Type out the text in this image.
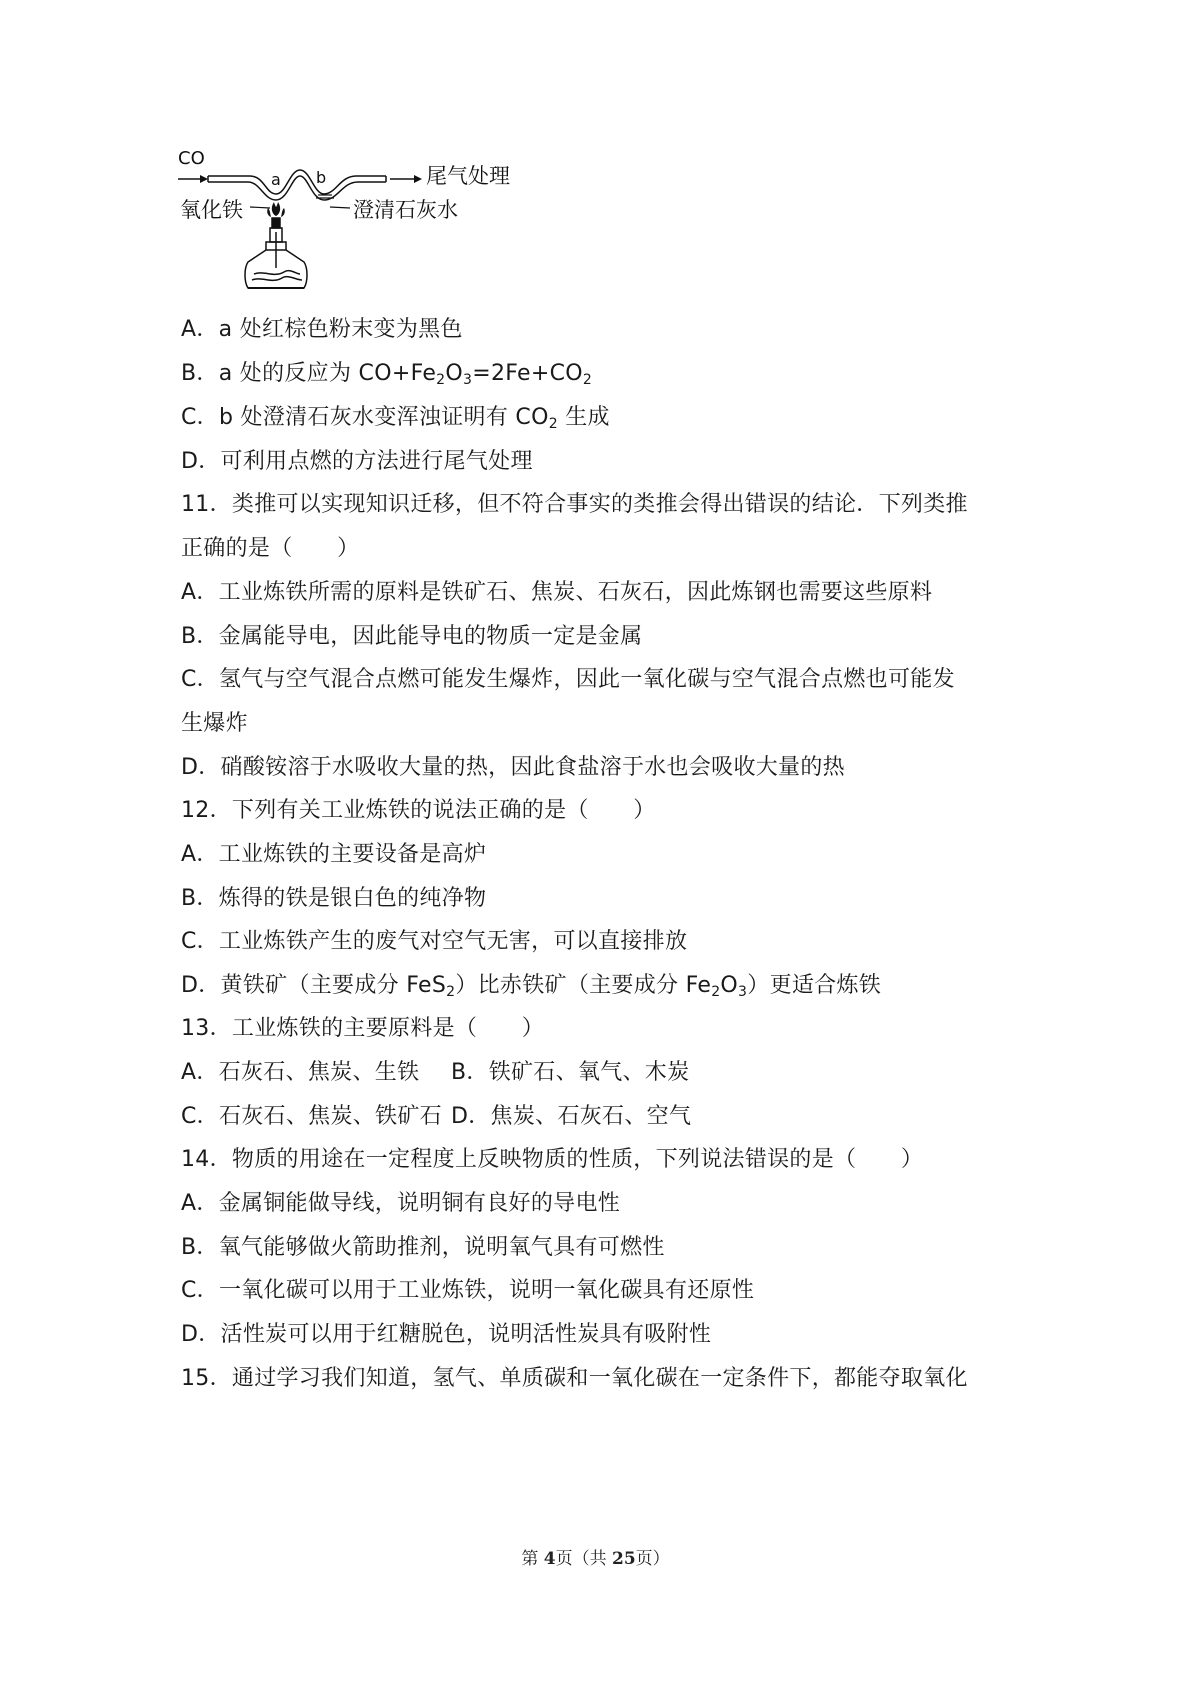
CO
a b	尾气处理
氧化铁	澄清石灰水
A．a 处红棕色粉末变为黑色
B．a 处的反应为 $CO+Fe_2O_3=2Fe+CO_2$
C．b 处澄清石灰水变浑浊证明有 $CO_2$ 生成
D．可利用点燃的方法进行尾气处理
11．类推可以实现知识迁移，但不符合事实的类推会得出错误的结论．下列类推
正确的是（　　）
A．工业炼铁所需的原料是铁矿石、焦炭、石灰石，因此炼钢也需要这些原料
B．金属能导电，因此能导电的物质一定是金属
C．氢气与空气混合点燃可能发生爆炸，因此一氧化碳与空气混合点燃也可能发
生爆炸
D．硝酸铵溶于水吸收大量的热，因此食盐溶于水也会吸收大量的热
12．下列有关工业炼铁的说法正确的是（　　）
A．工业炼铁的主要设备是高炉
B．炼得的铁是银白色的纯净物
C．工业炼铁产生的废气对空气无害，可以直接排放
D．黄铁矿（主要成分 FeS$_2$）比赤铁矿（主要成分 $Fe_2O_3$）更适合炼铁
13．工业炼铁的主要原料是（　　）
A．石灰石、焦炭、生铁 B．铁矿石、氧气、木炭
C．石灰石、焦炭、铁矿石 D．焦炭、石灰石、空气
14．物质的用途在一定程度上反映物质的性质，下列说法错误的是（　　）
A．金属铜能做导线，说明铜有良好的导电性
B．氧气能够做火箭助推剂，说明氧气具有可燃性
C．一氧化碳可以用于工业炼铁，说明一氧化碳具有还原性
D．活性炭可以用于红糖脱色，说明活性炭具有吸附性
15．通过学习我们知道，氢气、单质碳和一氧化碳在一定条件下，都能夺取氧化
第 4页（共 25页）
